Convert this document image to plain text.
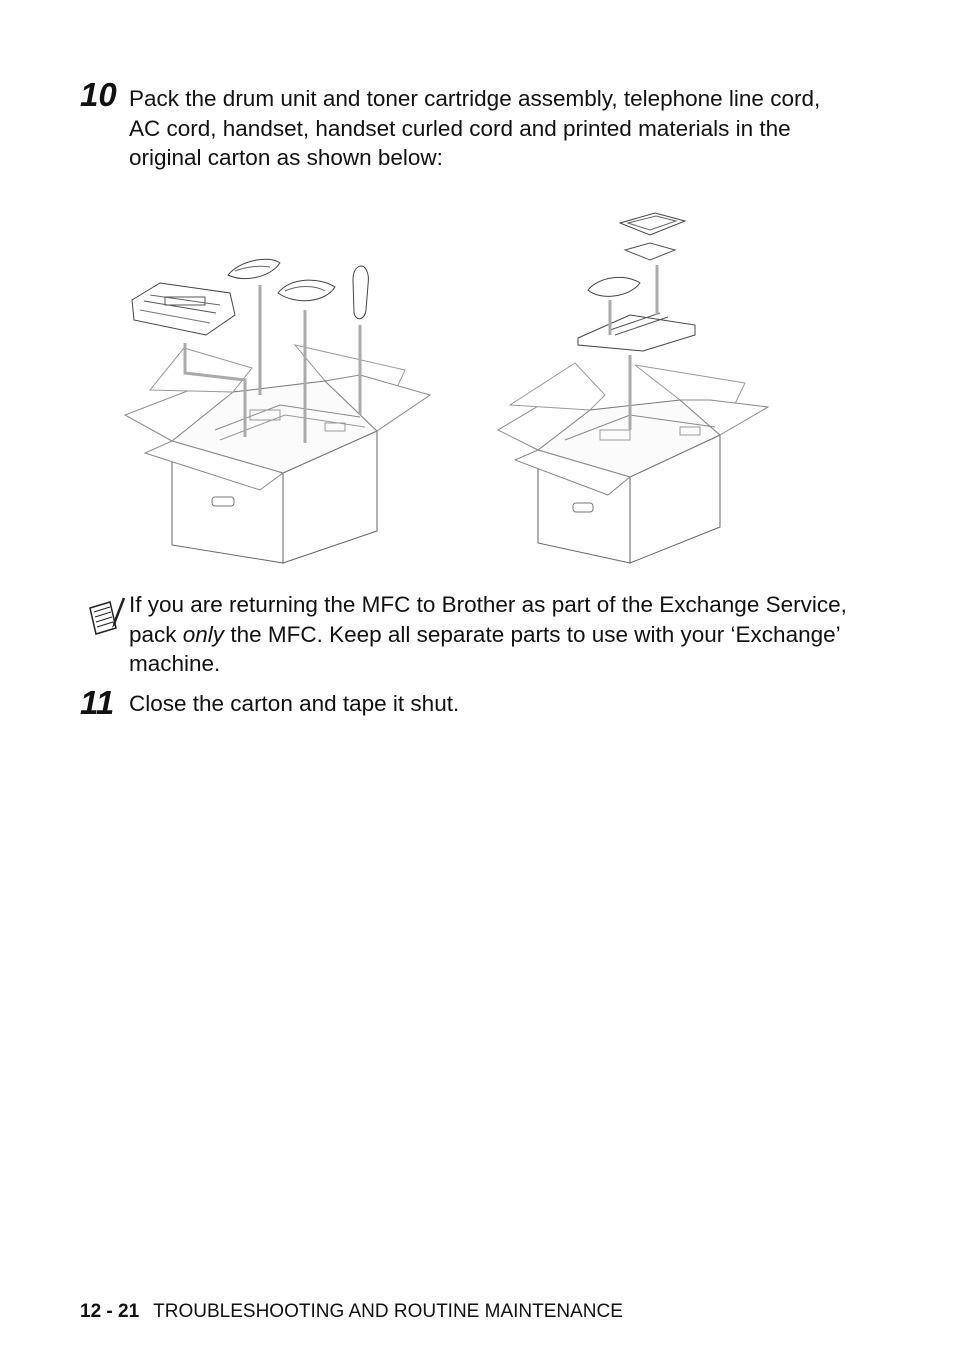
10 Pack the drum unit and toner cartridge assembly, telephone line cord, AC cord, handset, handset curled cord and printed materials in the original carton as shown below:
If you are returning the MFC to Brother as part of the Exchange Service, pack only the MFC. Keep all separate parts to use with your ‘Exchange’ machine.
11 Close the carton and tape it shut.
12 - 21 TROUBLESHOOTING AND ROUTINE MAINTENANCE
